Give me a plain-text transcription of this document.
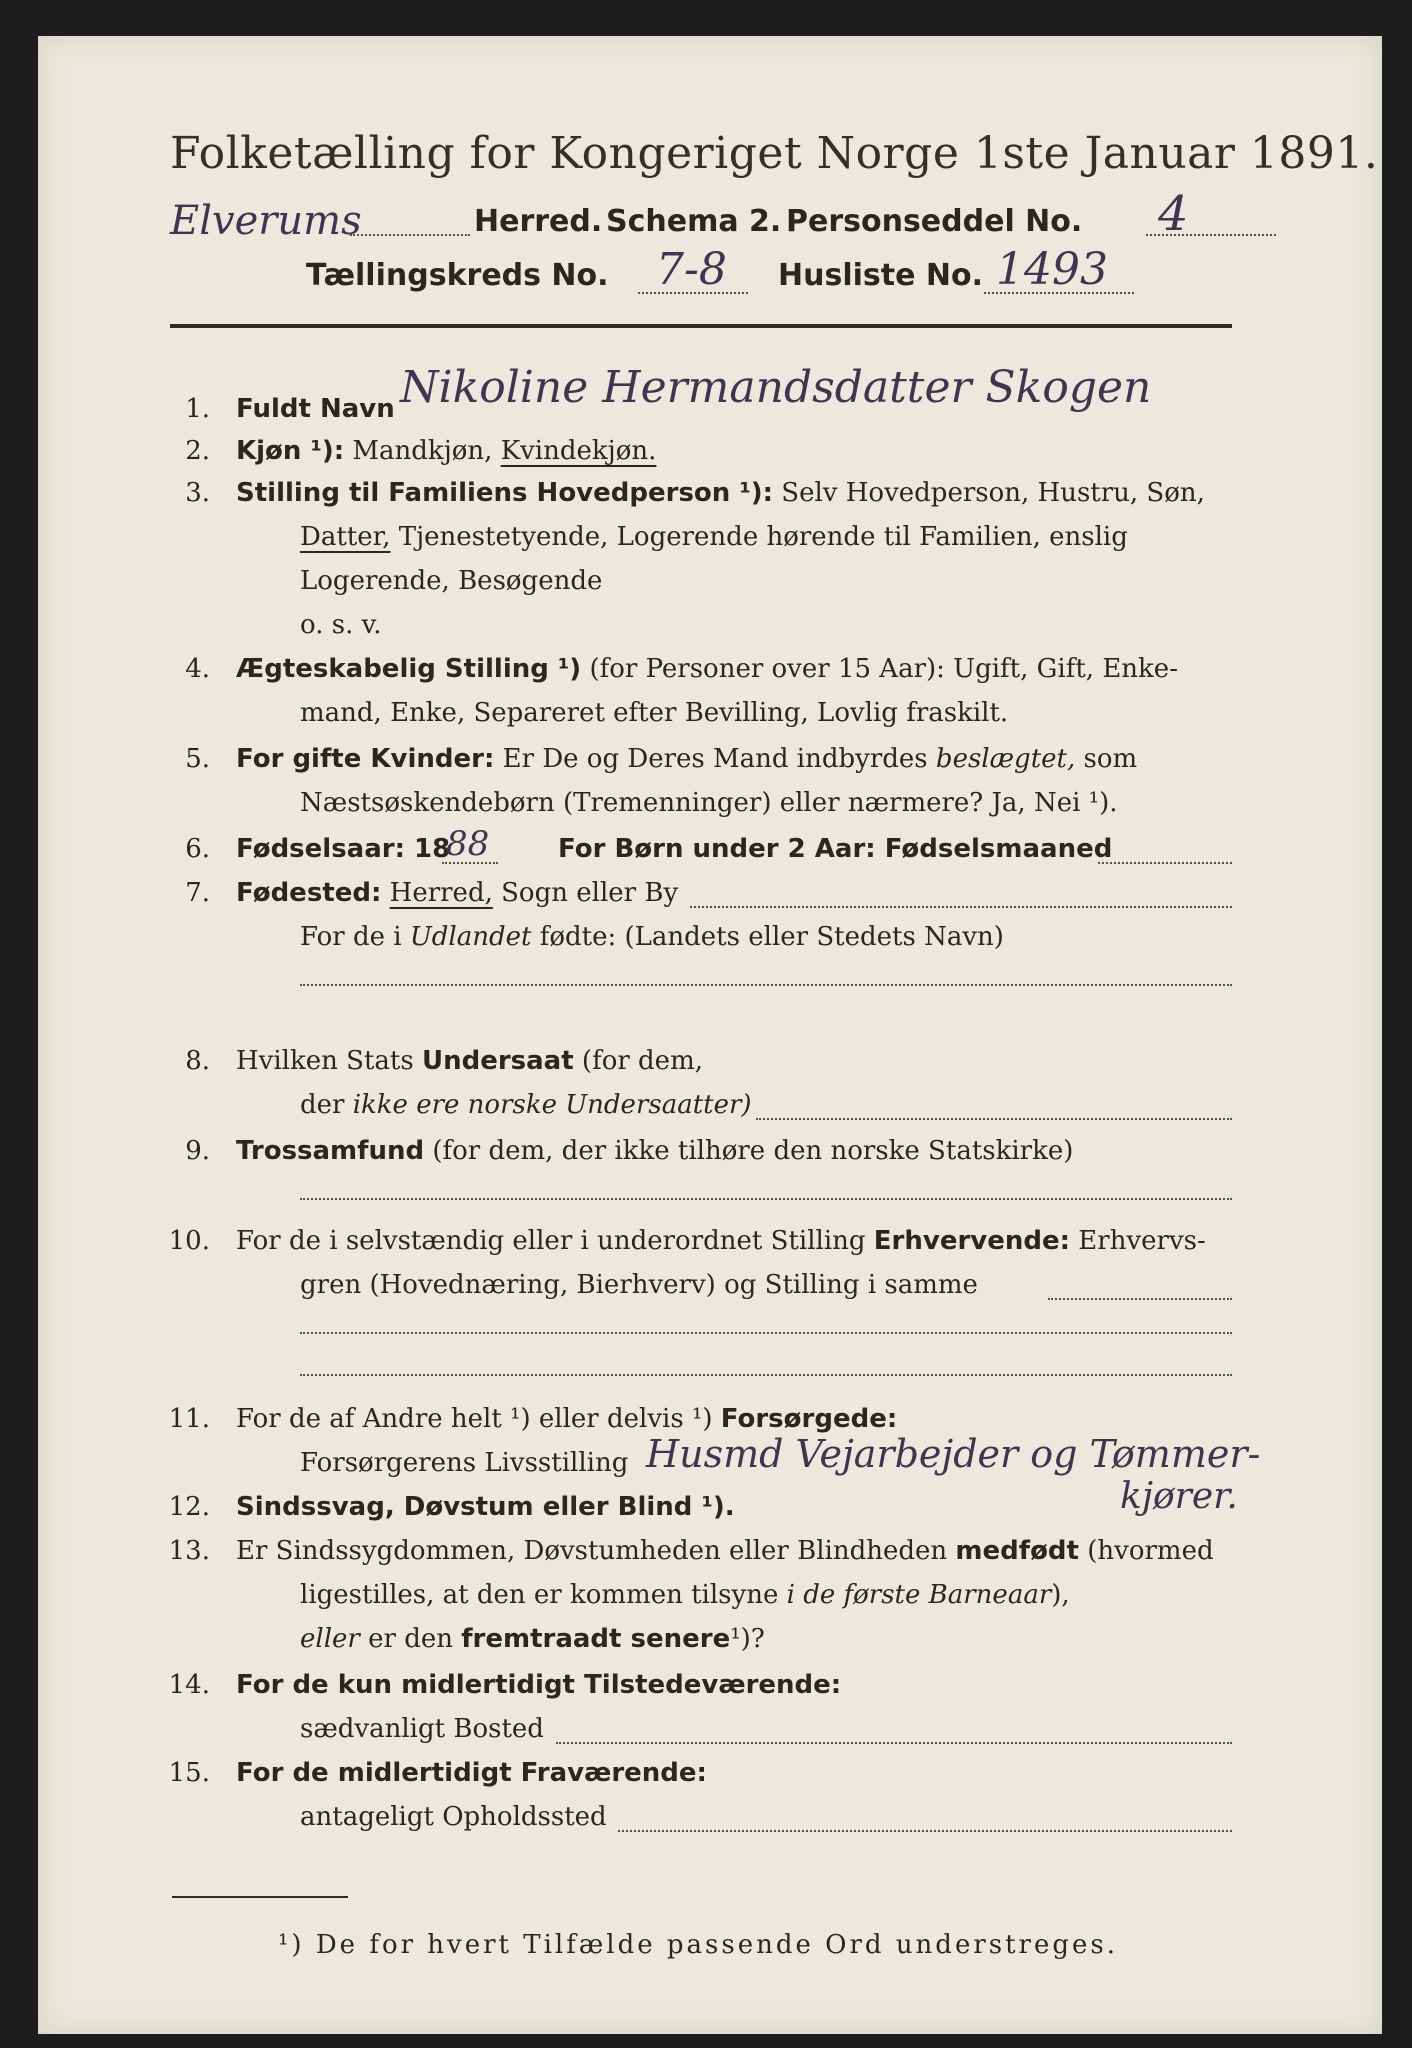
Folketælling for Kongeriget Norge 1ste Januar 1891.
Elverums	Herred. Schema 2. Personseddel No. 4
Tællingskreds No. 7-8 Husliste No. 1493
1. Fuldt Navn Nikoline Hermandsdatter Skogen
2. Kjøn ¹): Mandkjøn, Kvindekjøn.
3. Stilling til Familiens Hovedperson ¹): Selv Hovedperson, Hustru, Søn,
Datter, Tjenestetyende, Logerende hørende til Familien, enslig
Logerende, Besøgende
o. s. v.
4. Ægteskabelig Stilling ¹) (for Personer over 15 Aar): Ugift, Gift, Enke-
mand, Enke, Separeret efter Bevilling, Lovlig fraskilt.
5. For gifte Kvinder: Er De og Deres Mand indbyrdes beslægtet, som
Næstsøskendebørn (Tremenninger) eller nærmere? Ja, Nei ¹).
6. Fødselsaar: 18
88	For Børn under 2 Aar: Fødselsmaaned
7. Fødested: Herred, Sogn eller By
For de i Udlandet fødte: (Landets eller Stedets Navn)
8. Hvilken Stats Undersaat (for dem,
der ikke ere norske Undersaatter)
9. Trossamfund (for dem, der ikke tilhøre den norske Statskirke)
10. For de i selvstændig eller i underordnet Stilling Erhvervende: Erhvervs-
gren (Hovednæring, Bierhverv) og Stilling i samme
11. For de af Andre helt ¹) eller delvis ¹) Forsørgede:
Forsørgerens Livsstilling Husmd Vejarbejder og Tømmer-
kjører.
12. Sindssvag, Døvstum eller Blind ¹).
13. Er Sindssygdommen, Døvstumheden eller Blindheden medfødt (hvormed
ligestilles, at den er kommen tilsyne i de første Barneaar),
eller er den fremtraadt senere¹)?
14. For de kun midlertidigt Tilstedeværende:
sædvanligt Bosted
15. For de midlertidigt Fraværende:
antageligt Opholdssted
¹) De for hvert Tilfælde passende Ord understreges.
